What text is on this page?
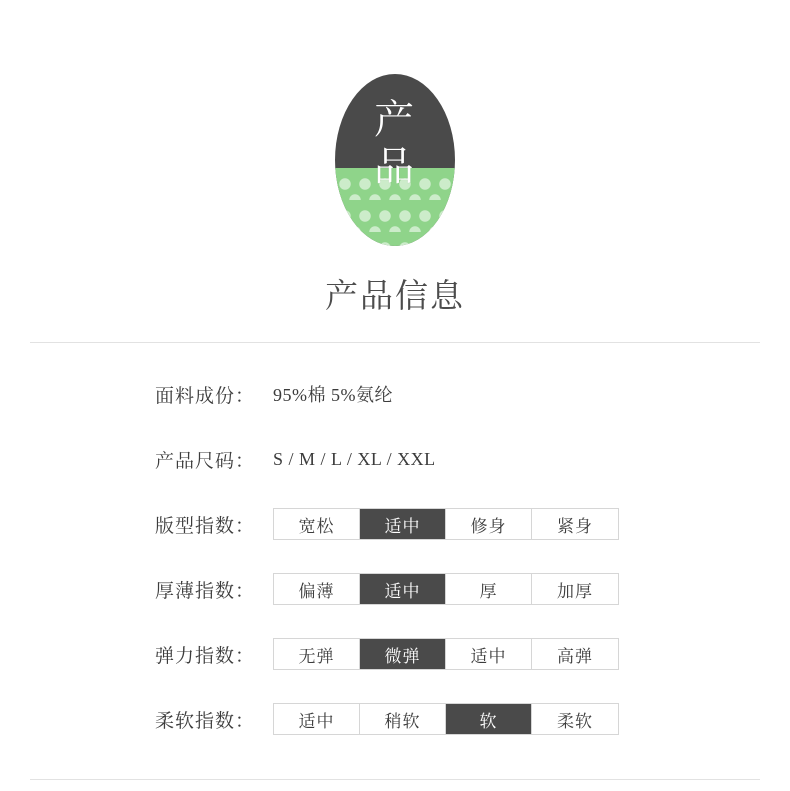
产
品
产品信息
面料成份： 95%棉 5%氨纶
产品尺码： S / M / L / XL / XXL
版型指数：	宽松	适中	修身	紧身
厚薄指数：	偏薄	适中	厚	加厚
弹力指数：	无弹	微弹	适中	高弹
柔软指数：	适中	稍软	软	柔软
